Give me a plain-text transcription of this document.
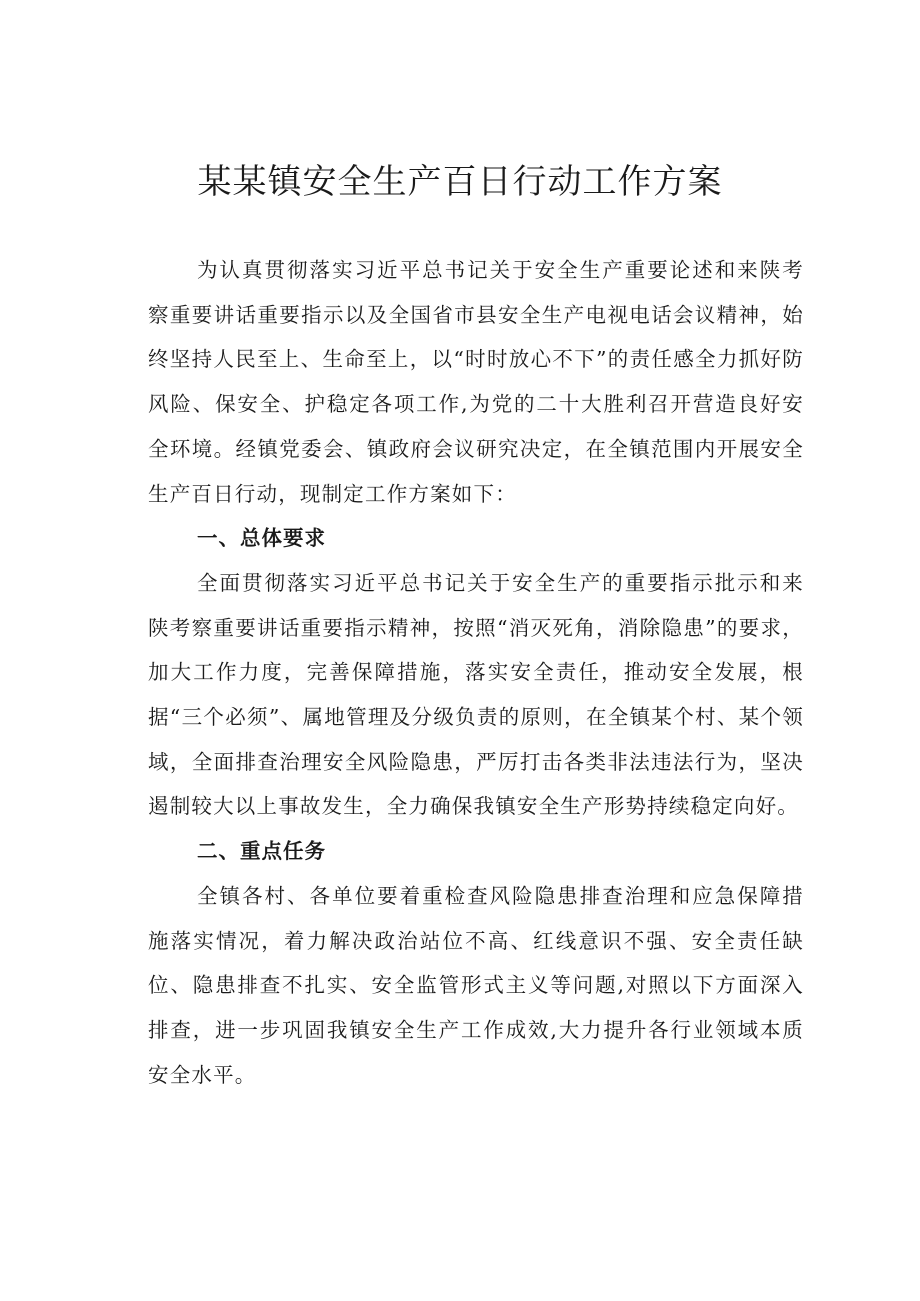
某某镇安全生产百日行动工作方案

为认真贯彻落实习近平总书记关于安全生产重要论述和来陕考察重要讲话重要指示以及全国省市县安全生产电视电话会议精神，始终坚持人民至上、生命至上，以“时时放心不下”的责任感全力抓好防风险、保安全、护稳定各项工作,为党的二十大胜利召开营造良好安全环境。经镇党委会、镇政府会议研究决定，在全镇范围内开展安全生产百日行动，现制定工作方案如下：

一、总体要求

全面贯彻落实习近平总书记关于安全生产的重要指示批示和来陕考察重要讲话重要指示精神，按照“消灭死角，消除隐患”的要求，加大工作力度，完善保障措施，落实安全责任，推动安全发展，根据“三个必须”、属地管理及分级负责的原则，在全镇某个村、某个领域，全面排查治理安全风险隐患，严厉打击各类非法违法行为，坚决遏制较大以上事故发生，全力确保我镇安全生产形势持续稳定向好。

二、重点任务

全镇各村、各单位要着重检查风险隐患排查治理和应急保障措施落实情况，着力解决政治站位不高、红线意识不强、安全责任缺位、隐患排查不扎实、安全监管形式主义等问题,对照以下方面深入排查，进一步巩固我镇安全生产工作成效,大力提升各行业领域本质安全水平。
